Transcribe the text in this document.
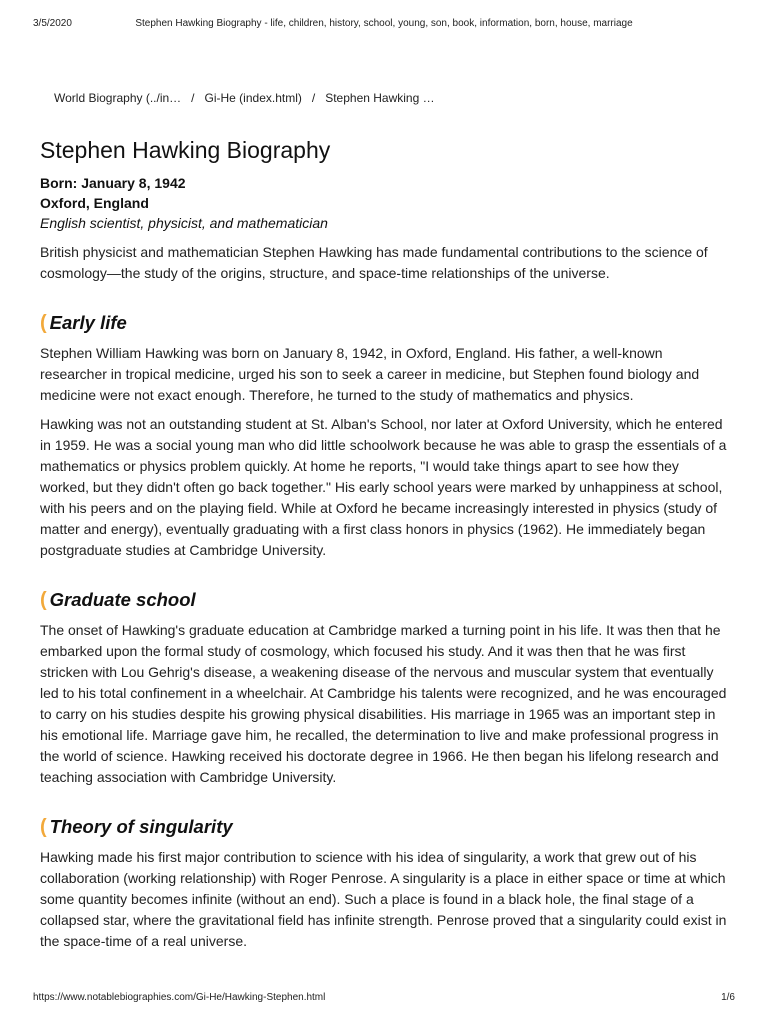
3/5/2020	Stephen Hawking Biography - life, children, history, school, young, son, book, information, born, house, marriage
World Biography (../in… / Gi-He (index.html) / Stephen Hawking …
Stephen Hawking Biography
Born: January 8, 1942
Oxford, England
English scientist, physicist, and mathematician

British physicist and mathematician Stephen Hawking has made fundamental contributions to the science of cosmology—the study of the origins, structure, and space-time relationships of the universe.

( Early life

Stephen William Hawking was born on January 8, 1942, in Oxford, England. His father, a well-known researcher in tropical medicine, urged his son to seek a career in medicine, but Stephen found biology and medicine were not exact enough. Therefore, he turned to the study of mathematics and physics.

Hawking was not an outstanding student at St. Alban's School, nor later at Oxford University, which he entered in 1959. He was a social young man who did little schoolwork because he was able to grasp the essentials of a mathematics or physics problem quickly. At home he reports, "I would take things apart to see how they worked, but they didn't often go back together." His early school years were marked by unhappiness at school, with his peers and on the playing field. While at Oxford he became increasingly interested in physics (study of matter and energy), eventually graduating with a first class honors in physics (1962). He immediately began postgraduate studies at Cambridge University.

( Graduate school

The onset of Hawking's graduate education at Cambridge marked a turning point in his life. It was then that he embarked upon the formal study of cosmology, which focused his study. And it was then that he was first stricken with Lou Gehrig's disease, a weakening disease of the nervous and muscular system that eventually led to his total confinement in a wheelchair. At Cambridge his talents were recognized, and he was encouraged to carry on his studies despite his growing physical disabilities. His marriage in 1965 was an important step in his emotional life. Marriage gave him, he recalled, the determination to live and make professional progress in the world of science. Hawking received his doctorate degree in 1966. He then began his lifelong research and teaching association with Cambridge University.

( Theory of singularity

Hawking made his first major contribution to science with his idea of singularity, a work that grew out of his collaboration (working relationship) with Roger Penrose. A singularity is a place in either space or time at which some quantity becomes infinite (without an end). Such a place is found in a black hole, the final stage of a collapsed star, where the gravitational field has infinite strength. Penrose proved that a singularity could exist in the space-time of a real universe.

https://www.notablebiographies.com/Gi-He/Hawking-Stephen.html	1/6
